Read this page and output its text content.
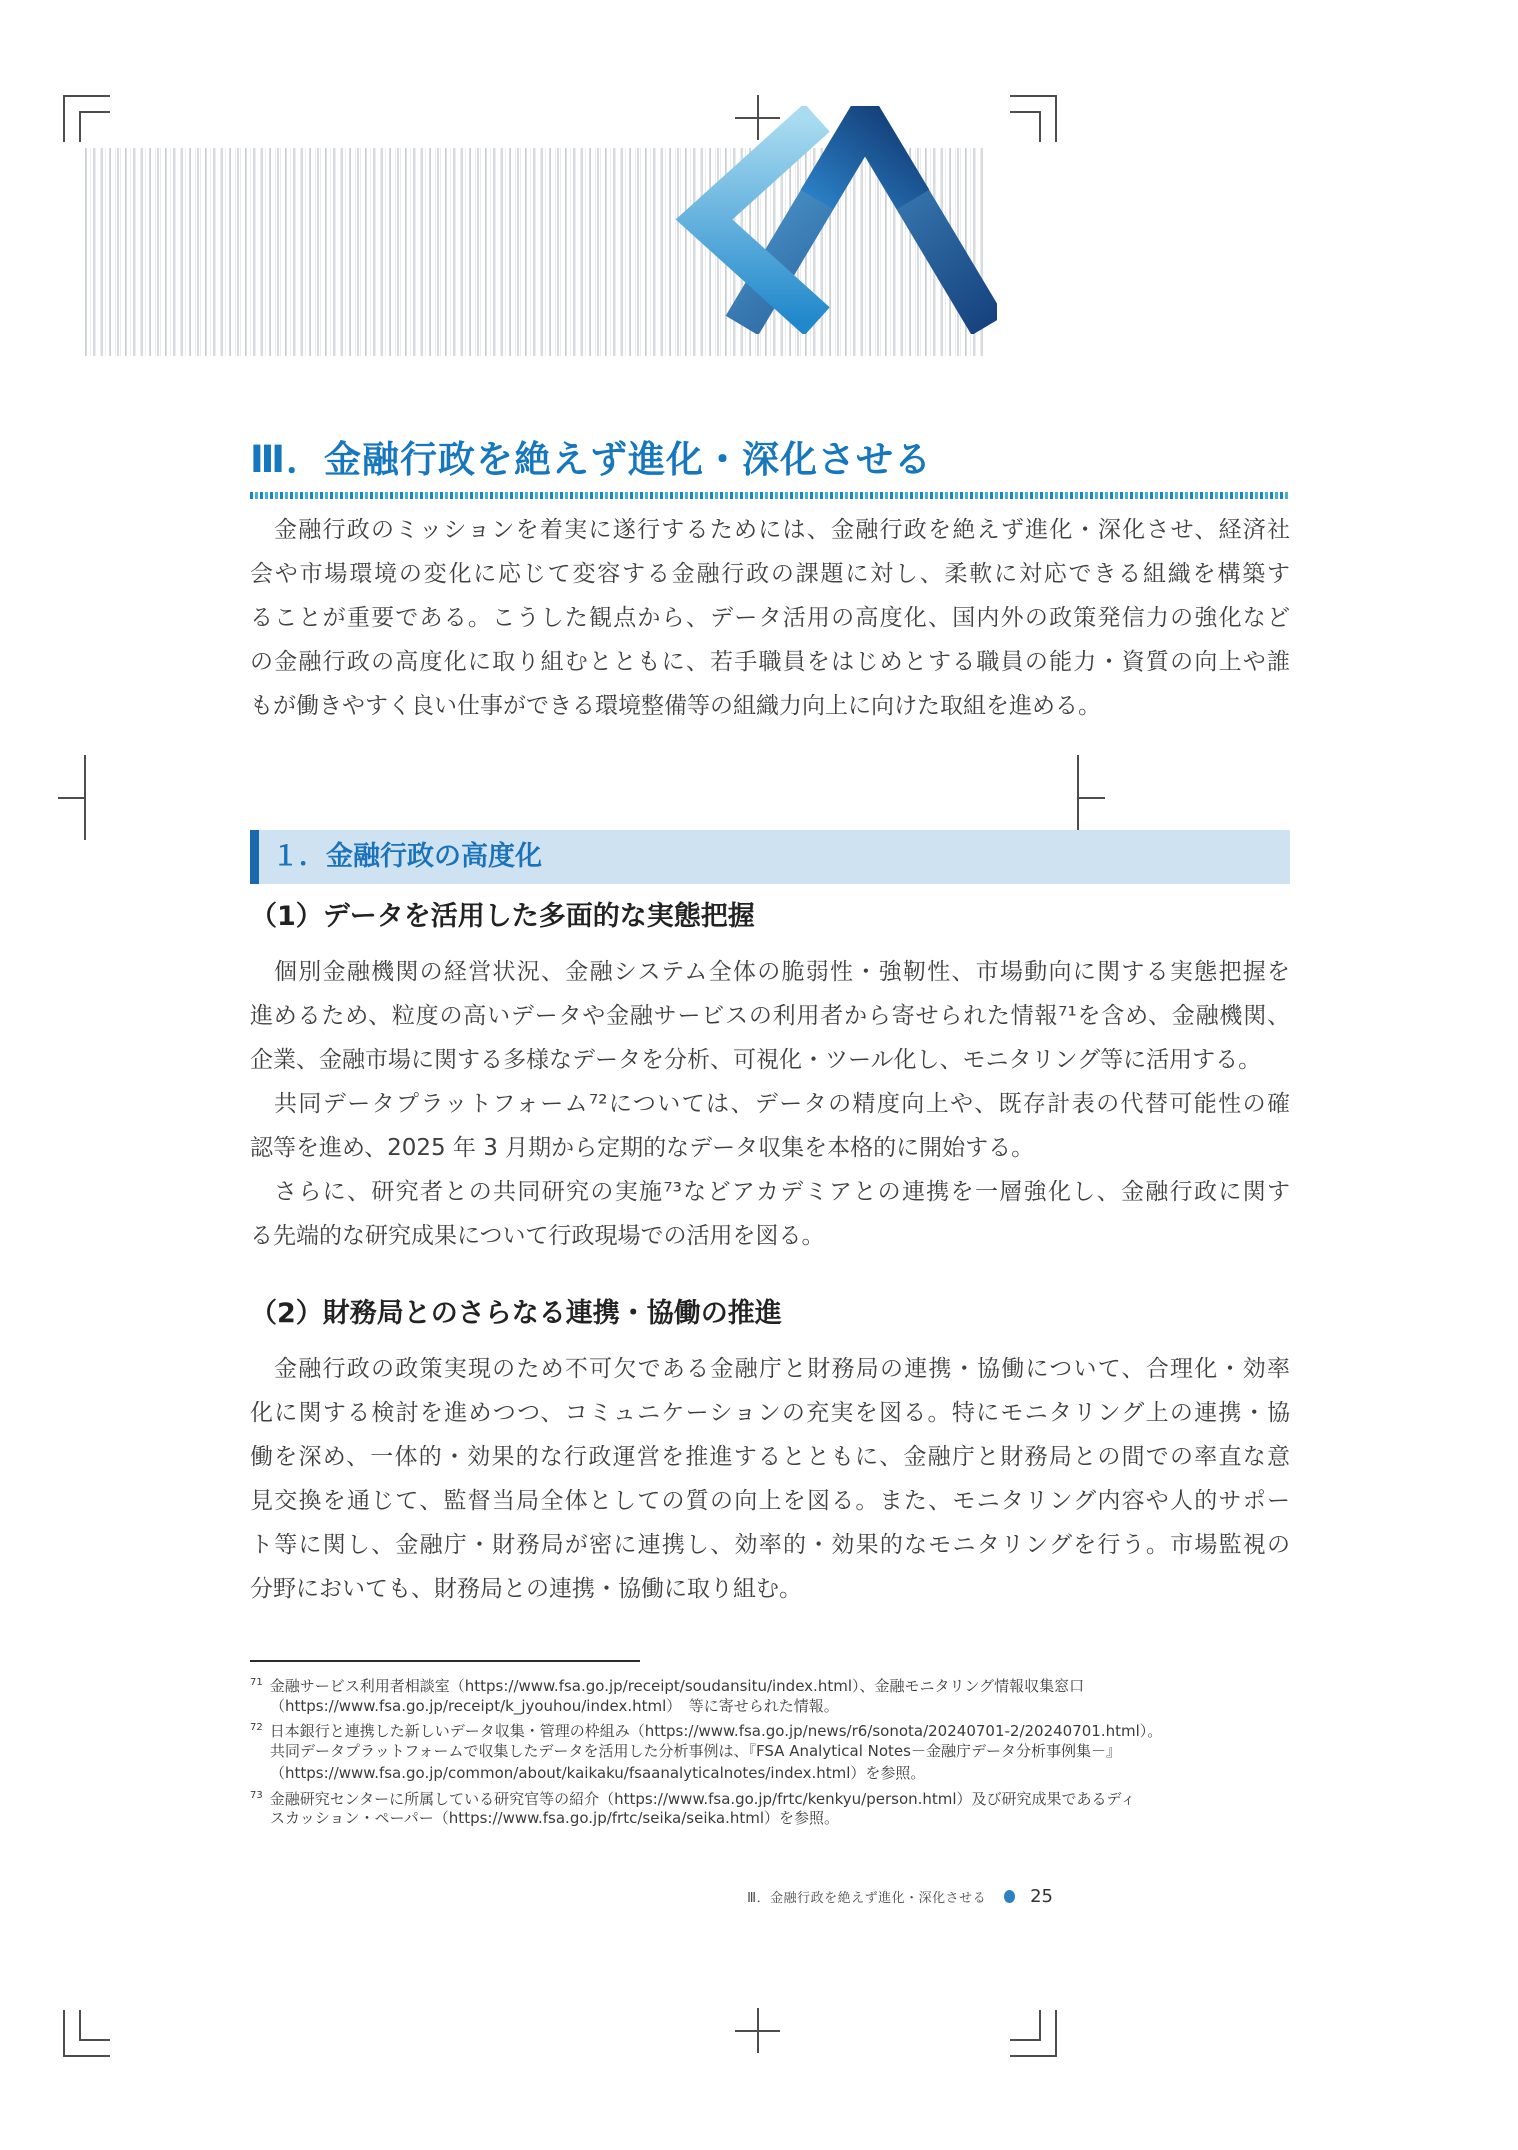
Ⅲ．金融行政を絶えず進化・深化させる
金融行政のミッションを着実に遂行するためには、金融行政を絶えず進化・深化させ、経済社
会や市場環境の変化に応じて変容する金融行政の課題に対し、柔軟に対応できる組織を構築す
ることが重要である。こうした観点から、データ活用の高度化、国内外の政策発信力の強化など
の金融行政の高度化に取り組むとともに、若手職員をはじめとする職員の能力・資質の向上や誰
もが働きやすく良い仕事ができる環境整備等の組織力向上に向けた取組を進める。
１．金融行政の高度化
（1）データを活用した多面的な実態把握
個別金融機関の経営状況、金融システム全体の脆弱性・強靭性、市場動向に関する実態把握を
進めるため、粒度の高いデータや金融サービスの利用者から寄せられた情報⁷¹を含め、金融機関、
企業、金融市場に関する多様なデータを分析、可視化・ツール化し、モニタリング等に活用する。
共同データプラットフォーム⁷²については、データの精度向上や、既存計表の代替可能性の確
認等を進め、2025 年 3 月期から定期的なデータ収集を本格的に開始する。
さらに、研究者との共同研究の実施⁷³などアカデミアとの連携を一層強化し、金融行政に関す
る先端的な研究成果について行政現場での活用を図る。
（2）財務局とのさらなる連携・協働の推進
金融行政の政策実現のため不可欠である金融庁と財務局の連携・協働について、合理化・効率
化に関する検討を進めつつ、コミュニケーションの充実を図る。特にモニタリング上の連携・協
働を深め、一体的・効果的な行政運営を推進するとともに、金融庁と財務局との間での率直な意
見交換を通じて、監督当局全体としての質の向上を図る。また、モニタリング内容や人的サポー
ト等に関し、金融庁・財務局が密に連携し、効率的・効果的なモニタリングを行う。市場監視の
分野においても、財務局との連携・協働に取り組む。
$^{71}$ 金融サービス利用者相談室（https://www.fsa.go.jp/receipt/soudansitu/index.html）、金融モニタリング情報収集窓口
（https://www.fsa.go.jp/receipt/k_jyouhou/index.html）　等に寄せられた情報。
$^{72}$ 日本銀行と連携した新しいデータ収集・管理の枠組み（https://www.fsa.go.jp/news/r6/sonota/20240701-2/20240701.html）。
共同データプラットフォームで収集したデータを活用した分析事例は、『FSA Analytical Notes－金融庁データ分析事例集－』
（https://www.fsa.go.jp/common/about/kaikaku/fsaanalyticalnotes/index.html）を参照。
$^{73}$ 金融研究センターに所属している研究官等の紹介（https://www.fsa.go.jp/frtc/kenkyu/person.html）及び研究成果であるディ
スカッション・ペーパー（https://www.fsa.go.jp/frtc/seika/seika.html）を参照。
Ⅲ．金融行政を絶えず進化・深化させる 25
